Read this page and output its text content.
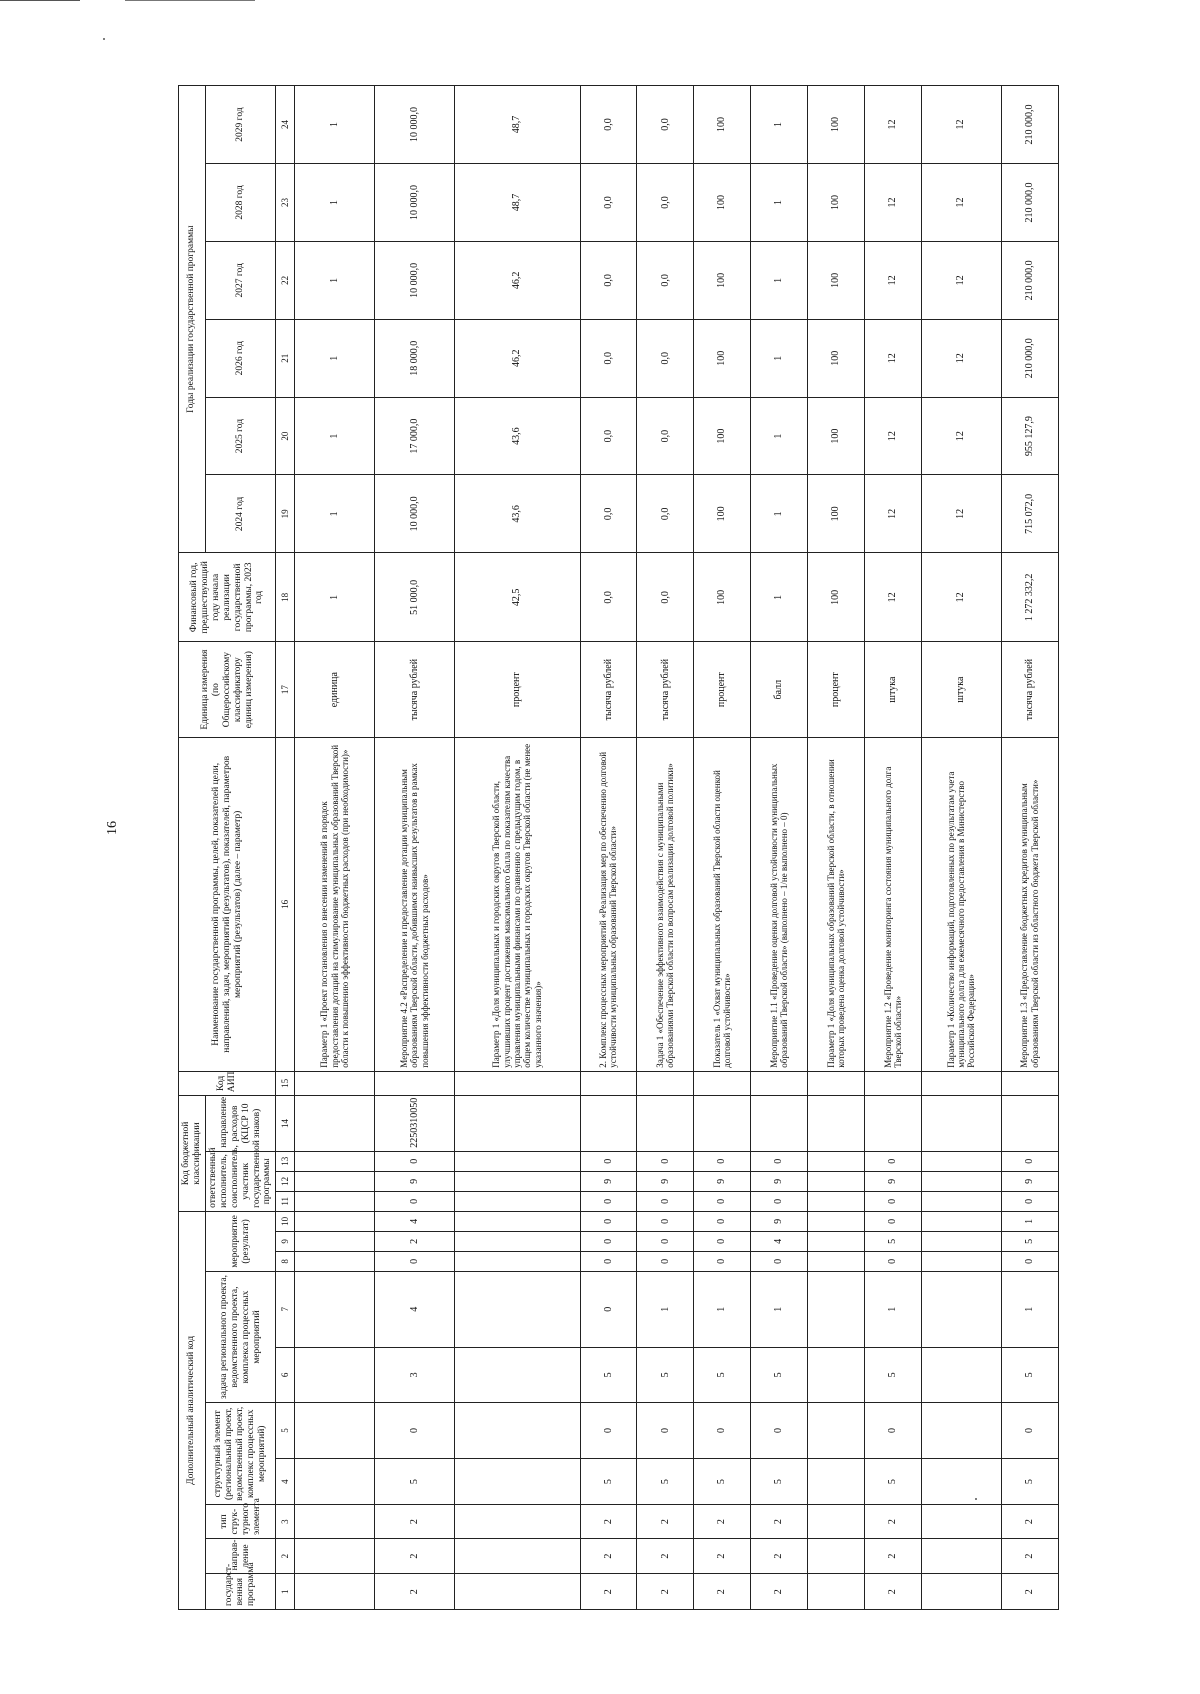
16
Дополнительный аналитический код										Код бюджетной классификации				Код АИП	Наименование государственной программы, целей, показателей цели, направлений, задач, мероприятий (результатов), показателей, параметров мероприятий (результатов) (далее – параметр)	Единица измерения (по Общероссийскому классификатору единиц измерения)	Финансовый год, предшествующий году начала реализации государственной программы, 2023 год	Годы реализации государственной программы					
государст-венная программа	направ-ление	тип струк-турного элемента	структурный элемент (региональный проект, ведомственный проект, комплекс процессных мероприятий)		задача регионального проекта, ведомственного проекта, комплекса процессных мероприятий		мероприятие (результат)			ответственный исполнитель, соисполнитель, участник государственной программы			направление расходов (КЦСР 10 знаков)					2024 год	2025 год	2026 год	2027 год	2028 год	2029 год

1	2	3	4	5	6	7	8	9	10	11	12	13	14	15	16	17	18	19	20	21	22	23	24
															Параметр 1 «Проект постановления о внесении изменений в порядок предоставления дотаций на стимулирование муниципальных образований Тверской области к повышению эффективности бюджетных расходов (при необходимости)»	единица	1	1	1	1	1	1	1
2	2	2	5	0	3	4	0	2	4	0	9	0	2250310050		Мероприятие 4.2 «Распределение и предоставление дотации муниципальным образованиям Тверской области, добившимся наивысших результатов в рамках повышения эффективности бюджетных расходов»	тысяча рублей	51 000,0	10 000,0	17 000,0	18 000,0	10 000,0	10 000,0	10 000,0
															Параметр 1 «Доля муниципальных и городских округов Тверской области, улучшивших процент достижения максимального балла по показателям качества управления муниципальными финансами по сравнению с предыдущим годом, в общем количестве муниципальных и городских округов Тверской области (не менее указанного значения)»	процент	42,5	43,6	43,6	46,2	46,2	48,7	48,7
2	2	2	5	0	5	0	0	0	0	0	9	0			2. Комплекс процессных мероприятий «Реализация мер по обеспечению долговой устойчивости муниципальных образований Тверской области»	тысяча рублей	0,0	0,0	0,0	0,0	0,0	0,0	0,0
2	2	2	5	0	5	1	0	0	0	0	9	0			Задача 1 «Обеспечение эффективного взаимодействия с муниципальными образованиями Тверской области по вопросам реализации долговой политики»	тысяча рублей	0,0	0,0	0,0	0,0	0,0	0,0	0,0
2	2	2	5	0	5	1	0	0	0	0	9	0			Показатель 1 «Охват муниципальных образований Тверской области оценкой долговой устойчивости»	процент	100	100	100	100	100	100	100
2	2	2	5	0	5	1	0	4	9	0	9	0			Мероприятие 1.1 «Проведение оценки долговой устойчивости муниципальных образований Тверской области» (выполнено – 1/не выполнено – 0)	балл	1	1	1	1	1	1	1
															Параметр 1 «Доля муниципальных образований Тверской области, в отношении которых проведена оценка долговой устойчивости»	процент	100	100	100	100	100	100	100
2	2	2	5	0	5	1	0	5	0	0	9	0			Мероприятие 1.2 «Проведение мониторинга состояния муниципального долга Тверской области»	штука	12	12	12	12	12	12	12
															Параметр 1 «Количество информаций, подготовленных по результатам учета муниципального долга для ежемесячного предоставления в Министерство Российской Федерации»	штука	12	12	12	12	12	12	12
2	2	2	5	0	5	1	0	5	1	0	9	0			Мероприятие 1.3 «Предоставление бюджетных кредитов муниципальным образованиям Тверской области из областного бюджета Тверской области»	тысяча рублей	1 272 332,2	715 072,0	955 127,9	210 000,0	210 000,0	210 000,0	210 000,0
